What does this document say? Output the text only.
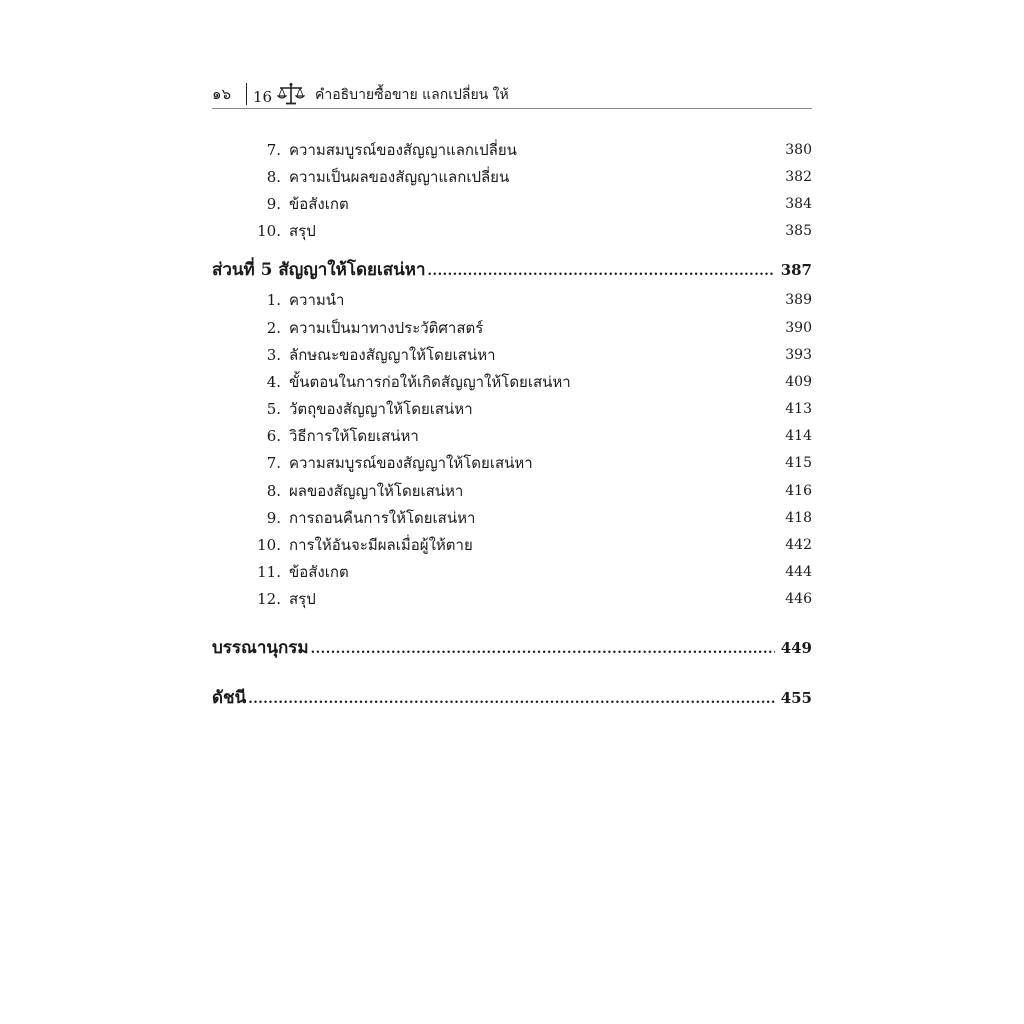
๑๖	16	คำอธิบายซื้อขาย แลกเปลี่ยน ให้
7. ความสมบูรณ์ของสัญญาแลกเปลี่ยน	380
8. ความเป็นผลของสัญญาแลกเปลี่ยน	382
9. ข้อสังเกต	384
10. สรุป	385
ส่วนที่ 5 สัญญาให้โดยเสน่หา .....	387
1. ความนำ	389
2. ความเป็นมาทางประวัติศาสตร์	390
3. ลักษณะของสัญญาให้โดยเสน่หา	393
4. ขั้นตอนในการก่อให้เกิดสัญญาให้โดยเสน่หา	409
5. วัตถุของสัญญาให้โดยเสน่หา	413
6. วิธีการให้โดยเสน่หา	414
7. ความสมบูรณ์ของสัญญาให้โดยเสน่หา	415
8. ผลของสัญญาให้โดยเสน่หา	416
9. การถอนคืนการให้โดยเสน่หา	418
10. การให้อันจะมีผลเมื่อผู้ให้ตาย	442
11. ข้อสังเกต	444
12. สรุป	446
บรรณานุกรม .....	449
ดัชนี .....	455
